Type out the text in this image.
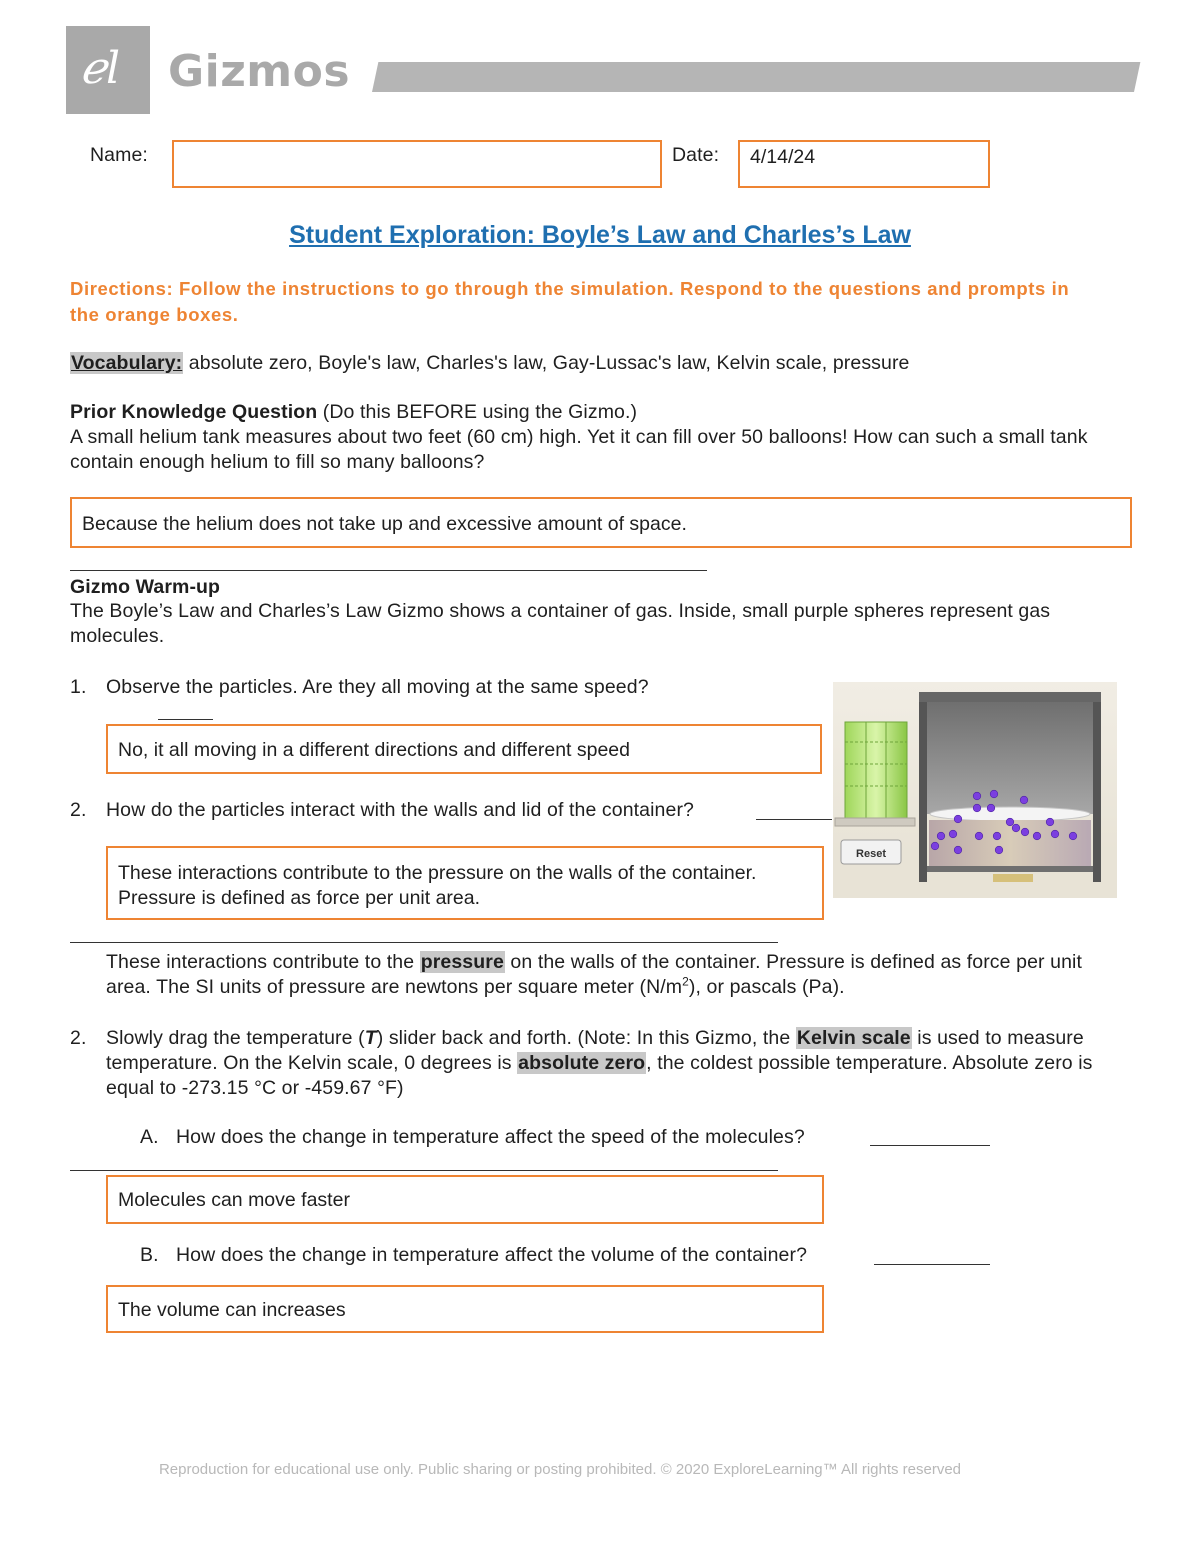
ℯl Gizmos
Name:	Date:	4/14/24
Student Exploration: Boyle’s Law and Charles’s Law
Directions: Follow the instructions to go through the simulation. Respond to the questions and prompts in the orange boxes.
Vocabulary: absolute zero, Boyle's law, Charles's law, Gay-Lussac's law, Kelvin scale, pressure
Prior Knowledge Question (Do this BEFORE using the Gizmo.)
A small helium tank measures about two feet (60 cm) high. Yet it can fill over 50 balloons! How can such a small tank contain enough helium to fill so many balloons?
Because the helium does not take up and excessive amount of space.
Gizmo Warm-up
The Boyle’s Law and Charles’s Law Gizmo shows a container of gas. Inside, small purple spheres represent gas molecules.
1. Observe the particles. Are they all moving at the same speed?
No, it all moving in a different directions and different speed
2. How do the particles interact with the walls and lid of the container?
These interactions contribute to the pressure on the walls of the container. Pressure is defined as force per unit area.
These interactions contribute to the pressure on the walls of the container. Pressure is defined as force per unit area. The SI units of pressure are newtons per square meter $(N/m^2)$, or pascals (Pa).
Reset
2. Slowly drag the temperature (T) slider back and forth. (Note: In this Gizmo, the Kelvin scale is used to measure temperature. On the Kelvin scale, 0 degrees is absolute zero, the coldest possible temperature. Absolute zero is equal to -273.15 °C or -459.67 °F)
A. How does the change in temperature affect the speed of the molecules?
Molecules can move faster
B. How does the change in temperature affect the volume of the container?
The volume can increases
Reproduction for educational use only. Public sharing or posting prohibited. © 2020 ExploreLearning™ All rights reserved
